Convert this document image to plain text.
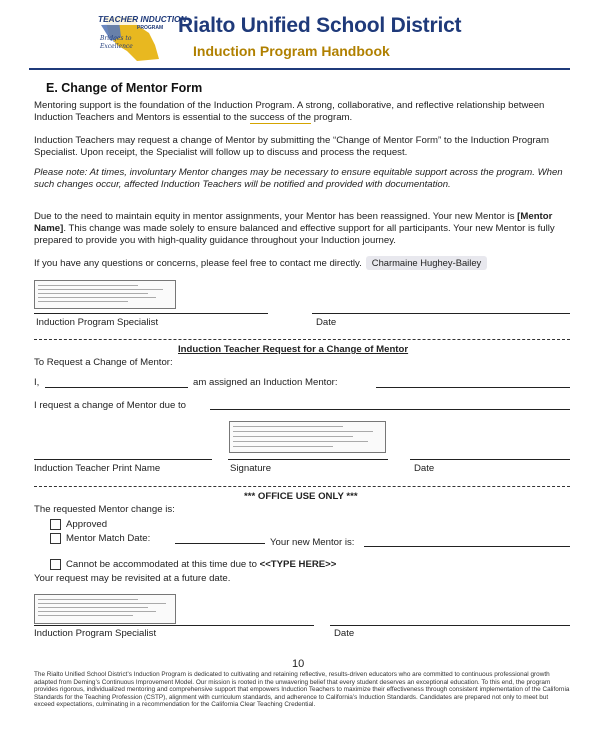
TEACHER INDUCTION
PROGRAM
Bridges to Excellence
Rialto Unified School District
Induction Program Handbook
E. Change of Mentor Form
Mentoring support is the foundation of the Induction Program. A strong, collaborative, and reflective relationship between Induction Teachers and Mentors is essential to the success of the program.
Induction Teachers may request a change of Mentor by submitting the “Change of Mentor Form” to the Induction Program Specialist. Upon receipt, the Specialist will follow up to discuss and process the request.
Please note: At times, involuntary Mentor changes may be necessary to ensure equitable support across the program. When such changes occur, affected Induction Teachers will be notified and provided with documentation.
Due to the need to maintain equity in mentor assignments, your Mentor has been reassigned. Your new Mentor is [Mentor Name]. This change was made solely to ensure balanced and effective support for all participants. Your new Mentor is fully prepared to provide you with high-quality guidance throughout your Induction journey.
If you have any questions or concerns, please feel free to contact me directly. Charmaine Hughey-Bailey
Induction Program Specialist	Date
Induction Teacher Request for a Change of Mentor
To Request a Change of Mentor:
I,	am assigned an Induction Mentor:
I request a change of Mentor due to
Induction Teacher Print Name	Signature	Date
*** OFFICE USE ONLY ***
The requested Mentor change is:
Approved
Mentor Match Date:	Your new Mentor is:
Cannot be accommodated at this time due to <<TYPE HERE>>
Your request may be revisited at a future date.
Induction Program Specialist	Date
10
The Rialto Unified School District’s Induction Program is dedicated to cultivating and retaining reflective, results-driven educators who are committed to continuous professional growth adapted from Deming’s Continuous Improvement Model. Our mission is rooted in the unwavering belief that every student deserves an exceptional education. To this end, the program provides rigorous, individualized mentoring and comprehensive support that empowers Induction Teachers to maximize their effectiveness through consistent implementation of the California Standards for the Teaching Profession (CSTP), alignment with curriculum standards, and adherence to California’s Induction Standards. Candidates are prepared not only to meet but exceed expectations, culminating in a recommendation for the California Clear Teaching Credential.
